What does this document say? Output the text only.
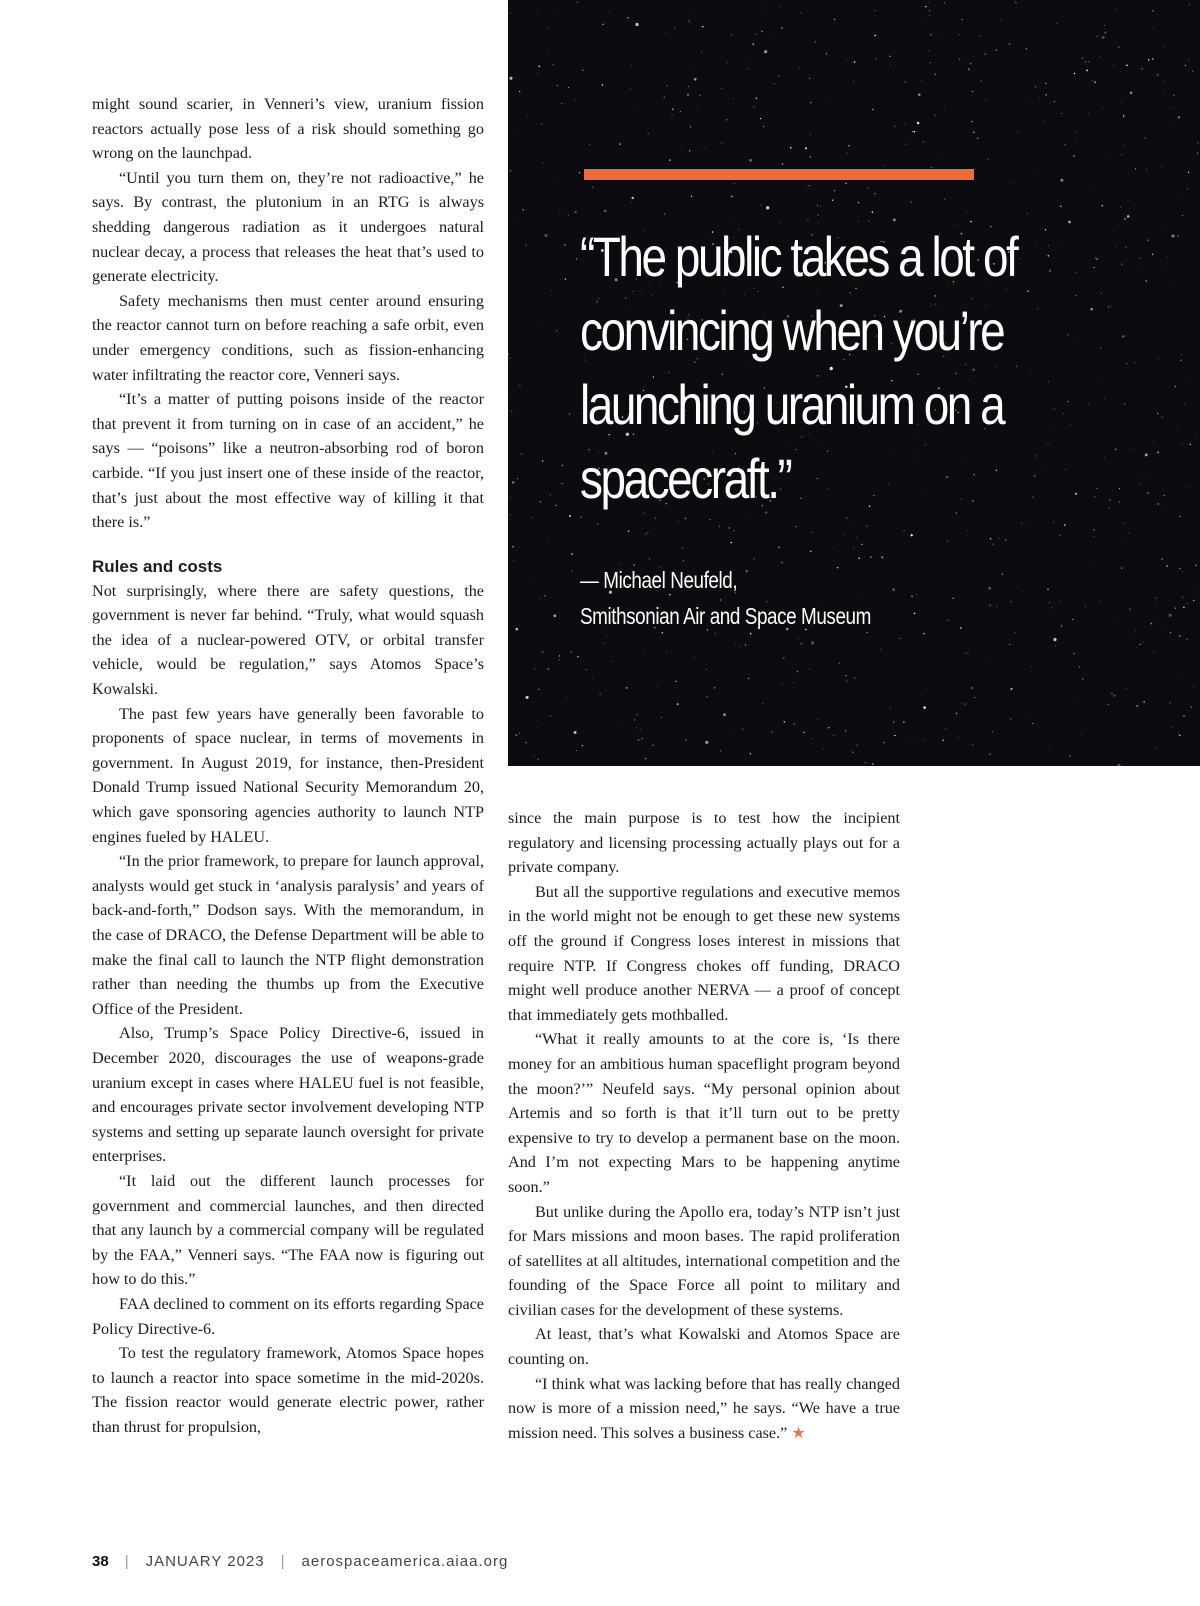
might sound scarier, in Venneri’s view, uranium fission reactors actually pose less of a risk should something go wrong on the launchpad.

“Until you turn them on, they’re not radioactive,” he says. By contrast, the plutonium in an RTG is always shedding dangerous radiation as it undergoes natural nuclear decay, a process that releases the heat that’s used to generate electricity.

Safety mechanisms then must center around ensuring the reactor cannot turn on before reaching a safe orbit, even under emergency conditions, such as fission-enhancing water infiltrating the reactor core, Venneri says.

“It’s a matter of putting poisons inside of the reactor that prevent it from turning on in case of an accident,” he says — “poisons” like a neutron-absorbing rod of boron carbide. “If you just insert one of these inside of the reactor, that’s just about the most effective way of killing it that there is.”

Rules and costs

Not surprisingly, where there are safety questions, the government is never far behind. “Truly, what would squash the idea of a nuclear-powered OTV, or orbital transfer vehicle, would be regulation,” says Atomos Space’s Kowalski.

The past few years have generally been favorable to proponents of space nuclear, in terms of movements in government. In August 2019, for instance, then-President Donald Trump issued National Security Memorandum 20, which gave sponsoring agencies authority to launch NTP engines fueled by HALEU.

“In the prior framework, to prepare for launch approval, analysts would get stuck in ‘analysis paralysis’ and years of back-and-forth,” Dodson says. With the memorandum, in the case of DRACO, the Defense Department will be able to make the final call to launch the NTP flight demonstration rather than needing the thumbs up from the Executive Office of the President.

Also, Trump’s Space Policy Directive-6, issued in December 2020, discourages the use of weapons-grade uranium except in cases where HALEU fuel is not feasible, and encourages private sector involvement developing NTP systems and setting up separate launch oversight for private enterprises.

“It laid out the different launch processes for government and commercial launches, and then directed that any launch by a commercial company will be regulated by the FAA,” Venneri says. “The FAA now is figuring out how to do this.”

FAA declined to comment on its efforts regarding Space Policy Directive-6.

To test the regulatory framework, Atomos Space hopes to launch a reactor into space sometime in the mid-2020s. The fission reactor would generate electric power, rather than thrust for propulsion,

“The public takes a lot of
convincing when you’re
launching uranium on a
spacecraft.”
— Michael Neufeld,
Smithsonian Air and Space Museum

since the main purpose is to test how the incipient regulatory and licensing processing actually plays out for a private company.

But all the supportive regulations and executive memos in the world might not be enough to get these new systems off the ground if Congress loses interest in missions that require NTP. If Congress chokes off funding, DRACO might well produce another NERVA — a proof of concept that immediately gets mothballed.

“What it really amounts to at the core is, ‘Is there money for an ambitious human spaceflight program beyond the moon?’” Neufeld says. “My personal opinion about Artemis and so forth is that it’ll turn out to be pretty expensive to try to develop a permanent base on the moon. And I’m not expecting Mars to be happening anytime soon.”

But unlike during the Apollo era, today’s NTP isn’t just for Mars missions and moon bases. The rapid proliferation of satellites at all altitudes, international competition and the founding of the Space Force all point to military and civilian cases for the development of these systems.

At least, that’s what Kowalski and Atomos Space are counting on.

“I think what was lacking before that has really changed now is more of a mission need,” he says. “We have a true mission need. This solves a business case.” ★

38 | JANUARY 2023 | aerospaceamerica.aiaa.org
